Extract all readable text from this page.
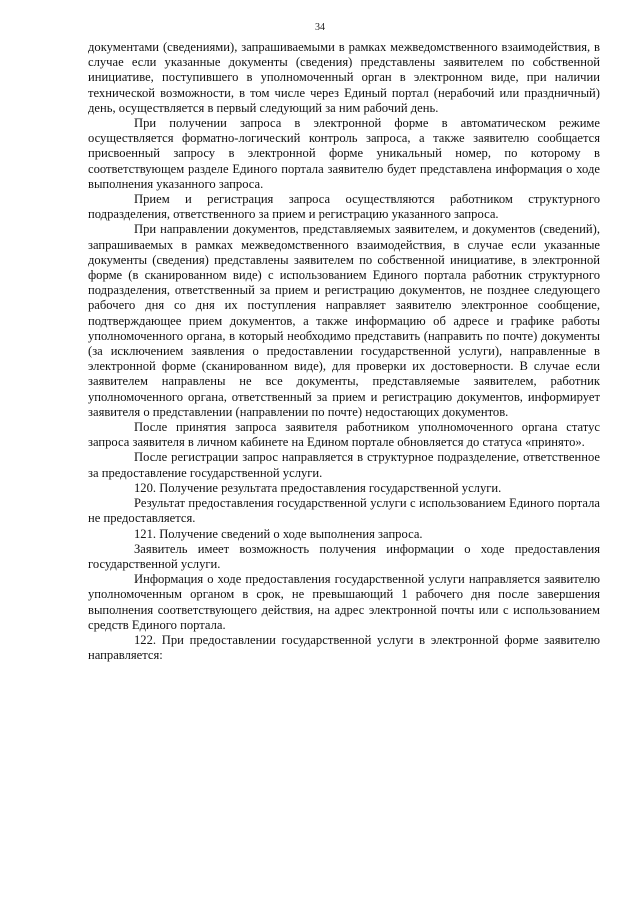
34

документами (сведениями), запрашиваемыми в рамках межведомственного взаимодействия, в случае если указанные документы (сведения) представлены заявителем по собственной инициативе, поступившего в уполномоченный орган в электронном виде, при наличии технической возможности, в том числе через Единый портал (нерабочий или праздничный) день, осуществляется в первый следующий за ним рабочий день.

При получении запроса в электронной форме в автоматическом режиме осуществляется форматно-логический контроль запроса, а также заявителю сообщается присвоенный запросу в электронной форме уникальный номер, по которому в соответствующем разделе Единого портала заявителю будет представлена информация о ходе выполнения указанного запроса.

Прием и регистрация запроса осуществляются работником структурного подразделения, ответственного за прием и регистрацию указанного запроса.

При направлении документов, представляемых заявителем, и документов (сведений), запрашиваемых в рамках межведомственного взаимодействия, в случае если указанные документы (сведения) представлены заявителем по собственной инициативе, в электронной форме (в сканированном виде) с использованием Единого портала работник структурного подразделения, ответственный за прием и регистрацию документов, не позднее следующего рабочего дня со дня их поступления направляет заявителю электронное сообщение, подтверждающее прием документов, а также информацию об адресе и графике работы уполномоченного органа, в который необходимо представить (направить по почте) документы (за исключением заявления о предоставлении государственной услуги), направленные в электронной форме (сканированном виде), для проверки их достоверности. В случае если заявителем направлены не все документы, представляемые заявителем, работник уполномоченного органа, ответственный за прием и регистрацию документов, информирует заявителя о представлении (направлении по почте) недостающих документов.

После принятия запроса заявителя работником уполномоченного органа статус запроса заявителя в личном кабинете на Едином портале обновляется до статуса «принято».

После регистрации запрос направляется в структурное подразделение, ответственное за предоставление государственной услуги.

120. Получение результата предоставления государственной услуги.

Результат предоставления государственной услуги с использованием Единого портала не предоставляется.

121. Получение сведений о ходе выполнения запроса.

Заявитель имеет возможность получения информации о ходе предоставления государственной услуги.

Информация о ходе предоставления государственной услуги направляется заявителю уполномоченным органом в срок, не превышающий 1 рабочего дня после завершения выполнения соответствующего действия, на адрес электронной почты или с использованием средств Единого портала.

122. При предоставлении государственной услуги в электронной форме заявителю направляется:
